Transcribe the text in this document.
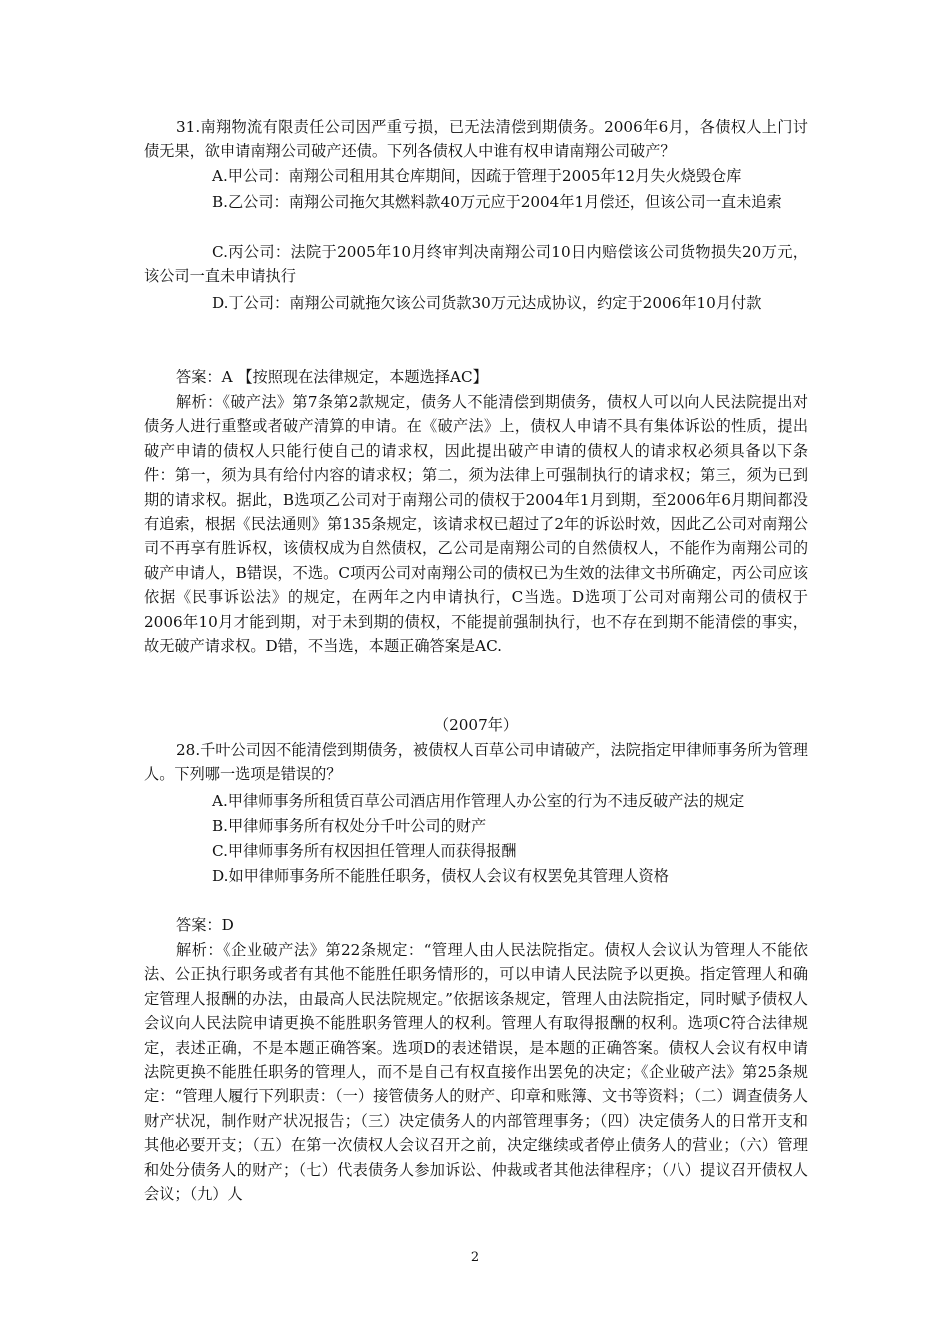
31.南翔物流有限责任公司因严重亏损，已无法清偿到期债务。2006年6月，各债权人上门讨债无果，欲申请南翔公司破产还债。下列各债权人中谁有权申请南翔公司破产？

A.甲公司：南翔公司租用其仓库期间，因疏于管理于2005年12月失火烧毁仓库

B.乙公司：南翔公司拖欠其燃料款40万元应于2004年1月偿还，但该公司一直未追索

C.丙公司：法院于2005年10月终审判决南翔公司10日内赔偿该公司货物损失20万元，该公司一直未申请执行

D.丁公司：南翔公司就拖欠该公司货款30万元达成协议，约定于2006年10月付款

答案：A 【按照现在法律规定，本题选择AC】

解析：《破产法》第7条第2款规定，债务人不能清偿到期债务，债权人可以向人民法院提出对债务人进行重整或者破产清算的申请。在《破产法》上，债权人申请不具有集体诉讼的性质，提出破产申请的债权人只能行使自己的请求权，因此提出破产申请的债权人的请求权必须具备以下条件：第一，须为具有给付内容的请求权；第二，须为法律上可强制执行的请求权；第三，须为已到期的请求权。据此，B选项乙公司对于南翔公司的债权于2004年1月到期，至2006年6月期间都没有追索，根据《民法通则》第135条规定，该请求权已超过了2年的诉讼时效，因此乙公司对南翔公司不再享有胜诉权，该债权成为自然债权，乙公司是南翔公司的自然债权人，不能作为南翔公司的破产申请人，B错误，不选。C项丙公司对南翔公司的债权已为生效的法律文书所确定，丙公司应该依据《民事诉讼法》的规定，在两年之内申请执行，C当选。D选项丁公司对南翔公司的债权于2006年10月才能到期，对于未到期的债权，不能提前强制执行，也不存在到期不能清偿的事实，故无破产请求权。D错，不当选，本题正确答案是AC.

（2007年）

28.千叶公司因不能清偿到期债务，被债权人百草公司申请破产，法院指定甲律师事务所为管理人。下列哪一选项是错误的？

A.甲律师事务所租赁百草公司酒店用作管理人办公室的行为不违反破产法的规定

B.甲律师事务所有权处分千叶公司的财产

C.甲律师事务所有权因担任管理人而获得报酬

D.如甲律师事务所不能胜任职务，债权人会议有权罢免其管理人资格

答案：D

解析：《企业破产法》第22条规定：“管理人由人民法院指定。债权人会议认为管理人不能依法、公正执行职务或者有其他不能胜任职务情形的，可以申请人民法院予以更换。指定管理人和确定管理人报酬的办法，由最高人民法院规定。”依据该条规定，管理人由法院指定，同时赋予债权人会议向人民法院申请更换不能胜职务管理人的权利。管理人有取得报酬的权利。选项C符合法律规定，表述正确，不是本题正确答案。选项D的表述错误，是本题的正确答案。债权人会议有权申请法院更换不能胜任职务的管理人，而不是自己有权直接作出罢免的决定；《企业破产法》第25条规定：“管理人履行下列职责：（一）接管债务人的财产、印章和账簿、文书等资料；（二）调查债务人财产状况，制作财产状况报告；（三）决定债务人的内部管理事务；（四）决定债务人的日常开支和其他必要开支；（五）在第一次债权人会议召开之前，决定继续或者停止债务人的营业；（六）管理和处分债务人的财产；（七）代表债务人参加诉讼、仲裁或者其他法律程序；（八）提议召开债权人会议；（九）人

2
